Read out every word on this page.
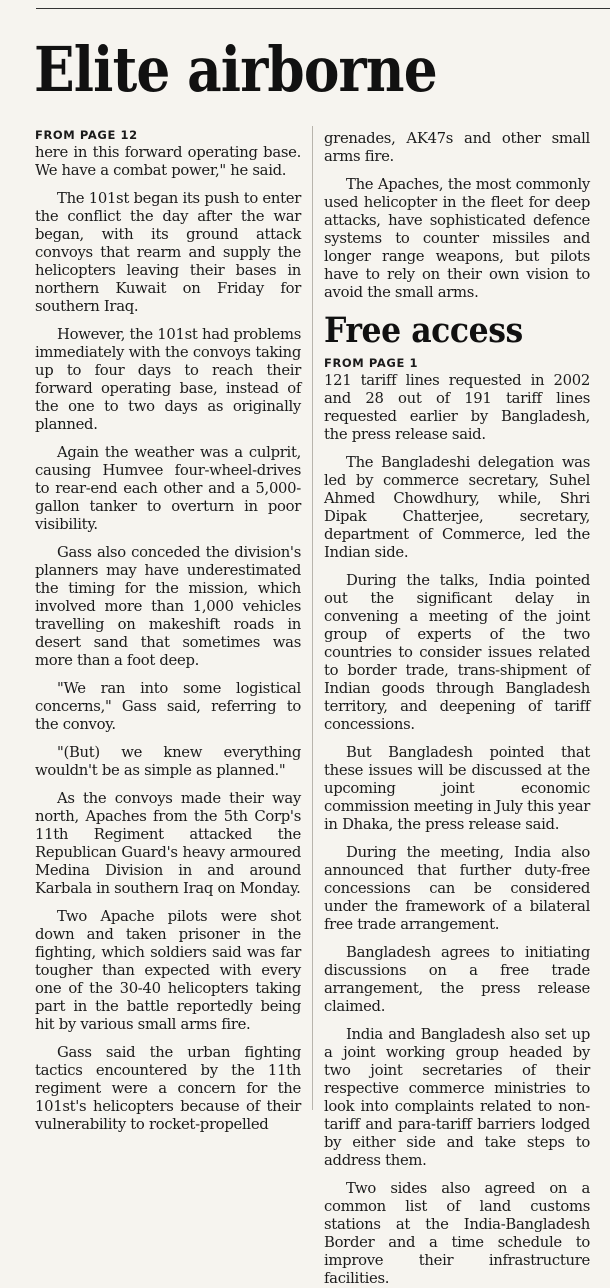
Elite airborne
FROM PAGE 12

here in this forward operating base. We have a combat power," he said.

The 101st began its push to enter the conflict the day after the war began, with its ground attack convoys that rearm and supply the helicopters leaving their bases in northern Kuwait on Friday for southern Iraq.

However, the 101st had problems immediately with the convoys taking up to four days to reach their forward operating base, instead of the one to two days as originally planned.

Again the weather was a culprit, causing Humvee four-wheel-drives to rear-end each other and a 5,000-gallon tanker to overturn in poor visibility.

Gass also conceded the division's planners may have underestimated the timing for the mission, which involved more than 1,000 vehicles travelling on makeshift roads in desert sand that sometimes was more than a foot deep.

"We ran into some logistical concerns," Gass said, referring to the convoy.

"(But) we knew everything wouldn't be as simple as planned."

As the convoys made their way north, Apaches from the 5th Corp's 11th Regiment attacked the Republican Guard's heavy armoured Medina Division in and around Karbala in southern Iraq on Monday.

Two Apache pilots were shot down and taken prisoner in the fighting, which soldiers said was far tougher than expected with every one of the 30-40 helicopters taking part in the battle reportedly being hit by various small arms fire.

Gass said the urban fighting tactics encountered by the 11th regiment were a concern for the 101st's helicopters because of their vulnerability to rocket-propelled

grenades, AK47s and other small arms fire.

The Apaches, the most commonly used helicopter in the fleet for deep attacks, have sophisticated defence systems to counter missiles and longer range weapons, but pilots have to rely on their own vision to avoid the small arms.

Free access
FROM PAGE 1

121 tariff lines requested in 2002 and 28 out of 191 tariff lines requested earlier by Bangladesh, the press release said.

The Bangladeshi delegation was led by commerce secretary, Suhel Ahmed Chowdhury, while, Shri Dipak Chatterjee, secretary, department of Commerce, led the Indian side.

During the talks, India pointed out the significant delay in convening a meeting of the joint group of experts of the two countries to consider issues related to border trade, trans-shipment of Indian goods through Bangladesh territory, and deepening of tariff concessions.

But Bangladesh pointed that these issues will be discussed at the upcoming joint economic commission meeting in July this year in Dhaka, the press release said.

During the meeting, India also announced that further duty-free concessions can be considered under the framework of a bilateral free trade arrangement.

Bangladesh agrees to initiating discussions on a free trade arrangement, the press release claimed.

India and Bangladesh also set up a joint working group headed by two joint secretaries of their respective commerce ministries to look into complaints related to non-tariff and para-tariff barriers lodged by either side and take steps to address them.

Two sides also agreed on a common list of land customs stations at the India-Bangladesh Border and a time schedule to improve their infrastructure facilities.
